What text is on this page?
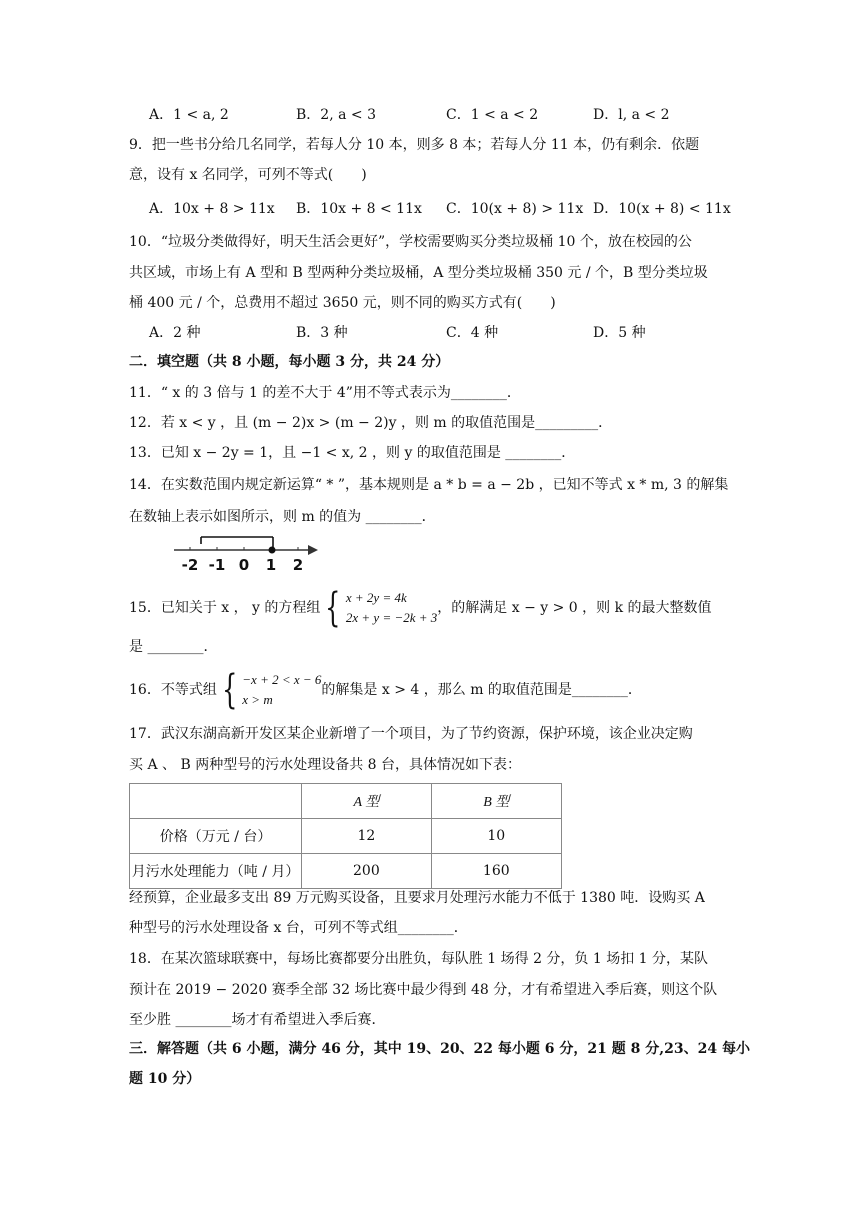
A．1 < a, 2	B．2, a < 3	C．1 < a < 2	D．l, a < 2
9．把一些书分给几名同学，若每人分 10 本，则多 8 本；若每人分 11 本，仍有剩余．依题
意，设有 x 名同学，可列不等式(　　)
A．10x + 8 > 11x B．10x + 8 < 11x C．10(x + 8) > 11x D．10(x + 8) < 11x
10．“垃圾分类做得好，明天生活会更好”，学校需要购买分类垃圾桶 10 个，放在校园的公
共区域，市场上有 A 型和 B 型两种分类垃圾桶，A 型分类垃圾桶 350 元 / 个，B 型分类垃圾
桶 400 元 / 个，总费用不超过 3650 元，则不同的购买方式有(　　)
A．2 种	B．3 种	C．4 种	D．5 种
二．填空题（共 8 小题，每小题 3 分，共 24 分）
11．“ x 的 3 倍与 1 的差不大于 4”用不等式表示为________．
12．若 x < y ，且 (m − 2)x > (m − 2)y ，则 m 的取值范围是_________．
13．已知 x − 2y = 1，且 −1 < x, 2 ，则 y 的取值范围是 ________．
14．在实数范围内规定新运算“ * ”，基本规则是 a * b = a − 2b ，已知不等式 x * m, 3 的解集
在数轴上表示如图所示，则 m 的值为 ________．
-2 -1 0 1 2
15．已知关于 x ， y 的方程组 { x + 2y = 4k
2x + y = −2k + 3，的解满足 x − y > 0 ，则 k 的最大整数值
是 ________．
16．不等式组 { −x + 2 < x − 6
x > m的解集是 x > 4 ，那么 m 的取值范围是________．
17．武汉东湖高新开发区某企业新增了一个项目，为了节约资源，保护环境，该企业决定购
买 A 、 B 两种型号的污水处理设备共 8 台，具体情况如下表：
	A 型	B 型
价格（万元 / 台）	12	10
月污水处理能力（吨 / 月）	200	160
经预算，企业最多支出 89 万元购买设备，且要求月处理污水能力不低于 1380 吨．设购买 A
种型号的污水处理设备 x 台，可列不等式组________．
18．在某次篮球联赛中，每场比赛都要分出胜负，每队胜 1 场得 2 分，负 1 场扣 1 分，某队
预计在 2019 − 2020 赛季全部 32 场比赛中最少得到 48 分，才有希望进入季后赛，则这个队
至少胜 ________场才有希望进入季后赛．
三．解答题（共 6 小题，满分 46 分，其中 19、20、22 每小题 6 分，21 题 8 分,23、24 每小
题 10 分）
